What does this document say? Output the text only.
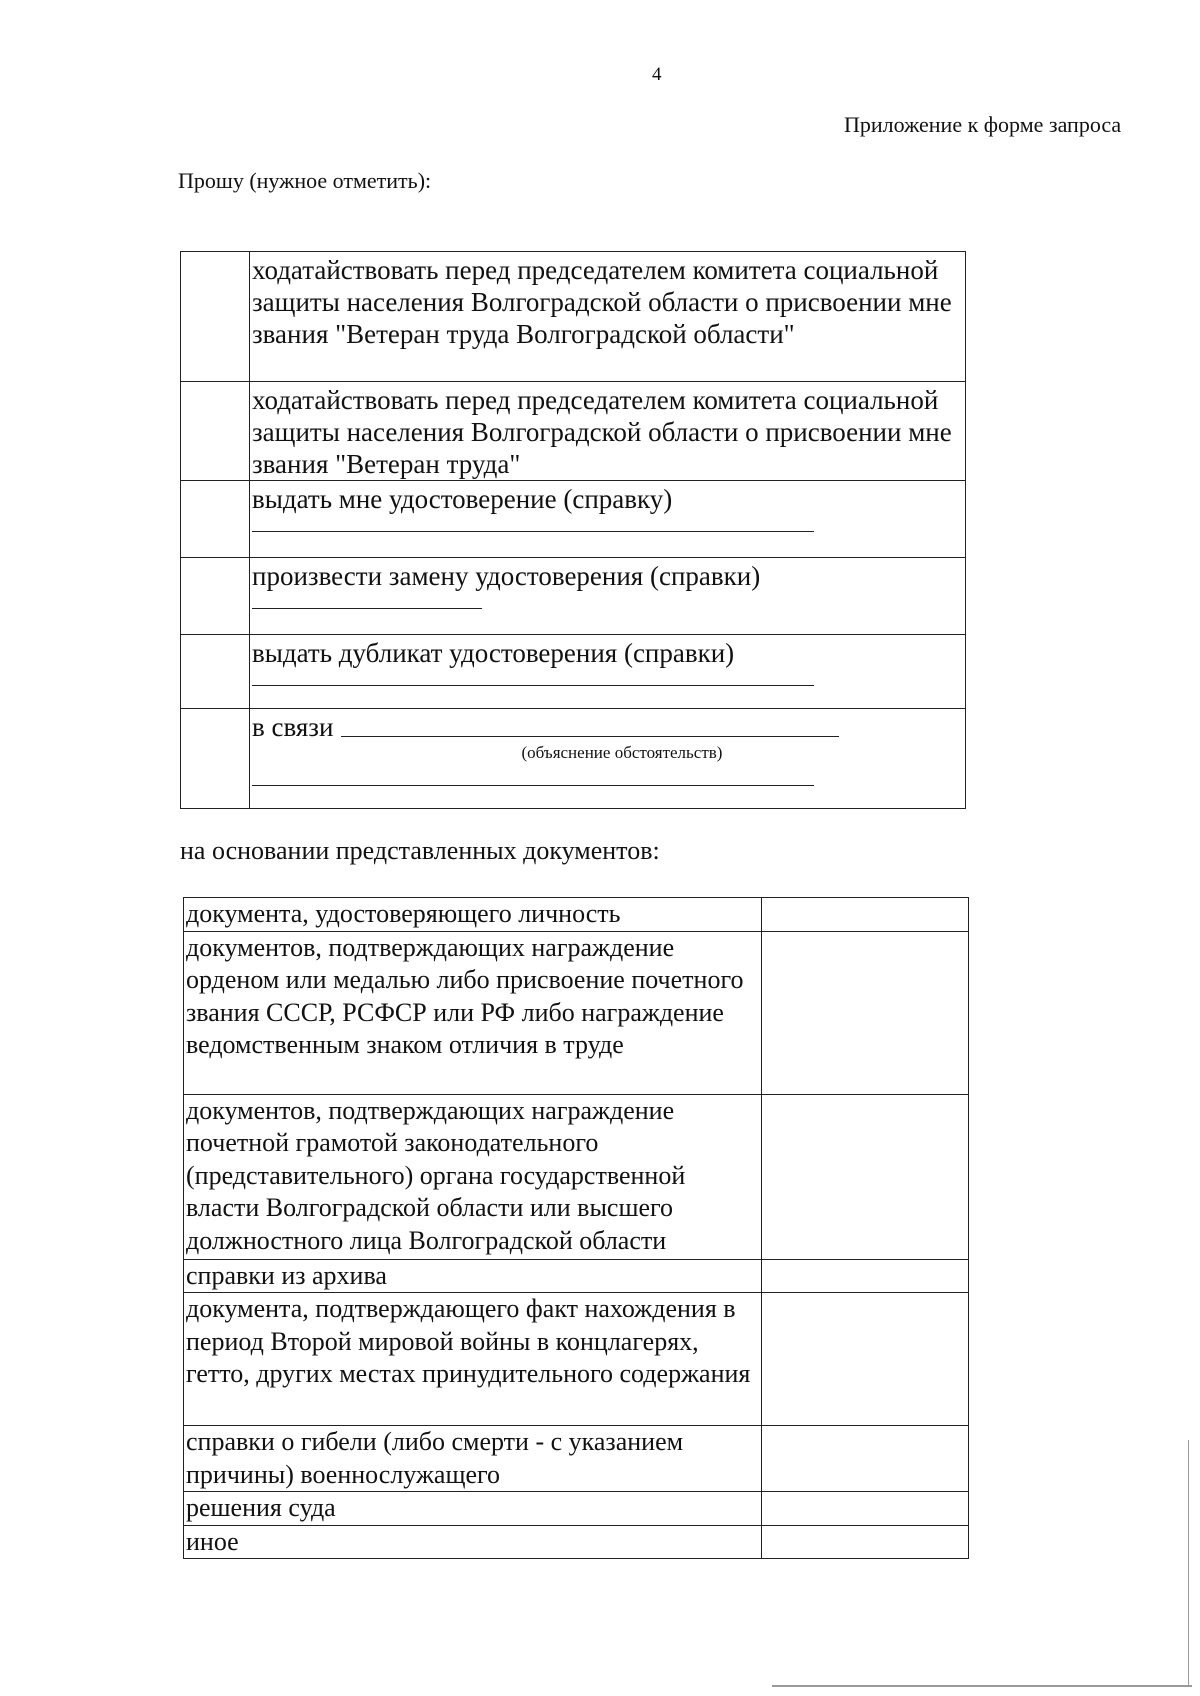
4
Приложение к форме запроса
Прошу (нужное отметить):
	ходатайствовать перед председателем комитета социальной защиты населения Волгоградской области о присвоении мне звания "Ветеран труда Волгоградской области"
	ходатайствовать перед председателем комитета социальной защиты населения Волгоградской области о присвоении мне звания "Ветеран труда"

	выдать мне удостоверение (справку)

	произвести замену удостоверения (справки)

	выдать дубликат удостоверения (справки)

	в связи
(объяснение обстоятельств)
на основании представленных документов:
документа, удостоверяющего личность	
документов, подтверждающих награждение орденом или медалью либо присвоение почетного звания СССР, РСФСР или РФ либо награждение ведомственным знаком отличия в труде	
документов, подтверждающих награждение почетной грамотой законодательного (представительного) органа государственной власти Волгоградской области или высшего должностного лица Волгоградской области	
справки из архива	
документа, подтверждающего факт нахождения в период Второй мировой войны в концлагерях, гетто, других местах принудительного содержания	
справки о гибели (либо смерти - с указанием причины) военнослужащего	
решения суда	
иное	
